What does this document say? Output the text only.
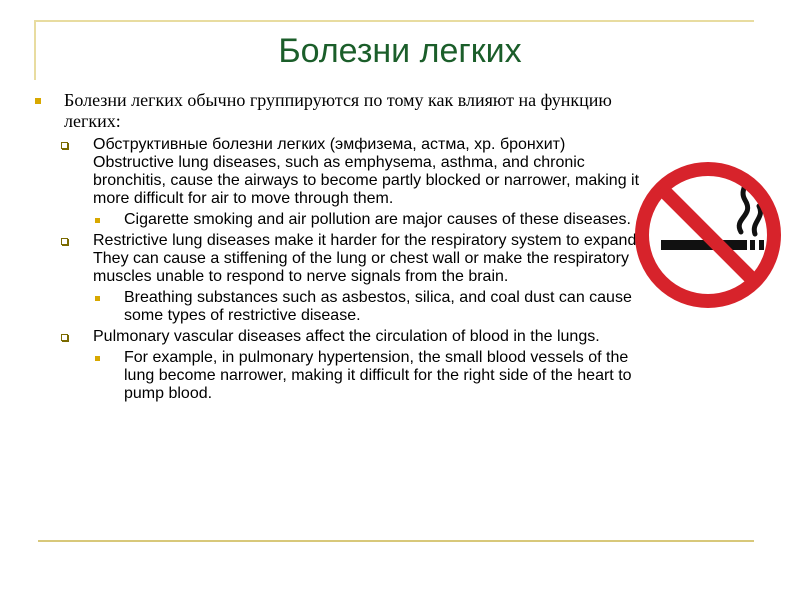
Болезни легких
Болезни легких обычно группируются по тому как влияют на функцию легких:
Обструктивные болезни легких (эмфизема, астма, хр. бронхит) Obstructive lung diseases, such as emphysema, asthma, and chronic bronchitis, cause the airways to become partly blocked or narrower, making it more difficult for air to move through them.
Cigarette smoking and air pollution are major causes of these diseases.
Restrictive lung diseases make it harder for the respiratory system to expand. They can cause a stiffening of the lung or chest wall or make the respiratory muscles unable to respond to nerve signals from the brain.
Breathing substances such as asbestos, silica, and coal dust can cause some types of restrictive disease.
Pulmonary vascular diseases affect the circulation of blood in the lungs.
For example, in pulmonary hypertension, the small blood vessels of the lung become narrower, making it difficult for the right side of the heart to pump blood.
